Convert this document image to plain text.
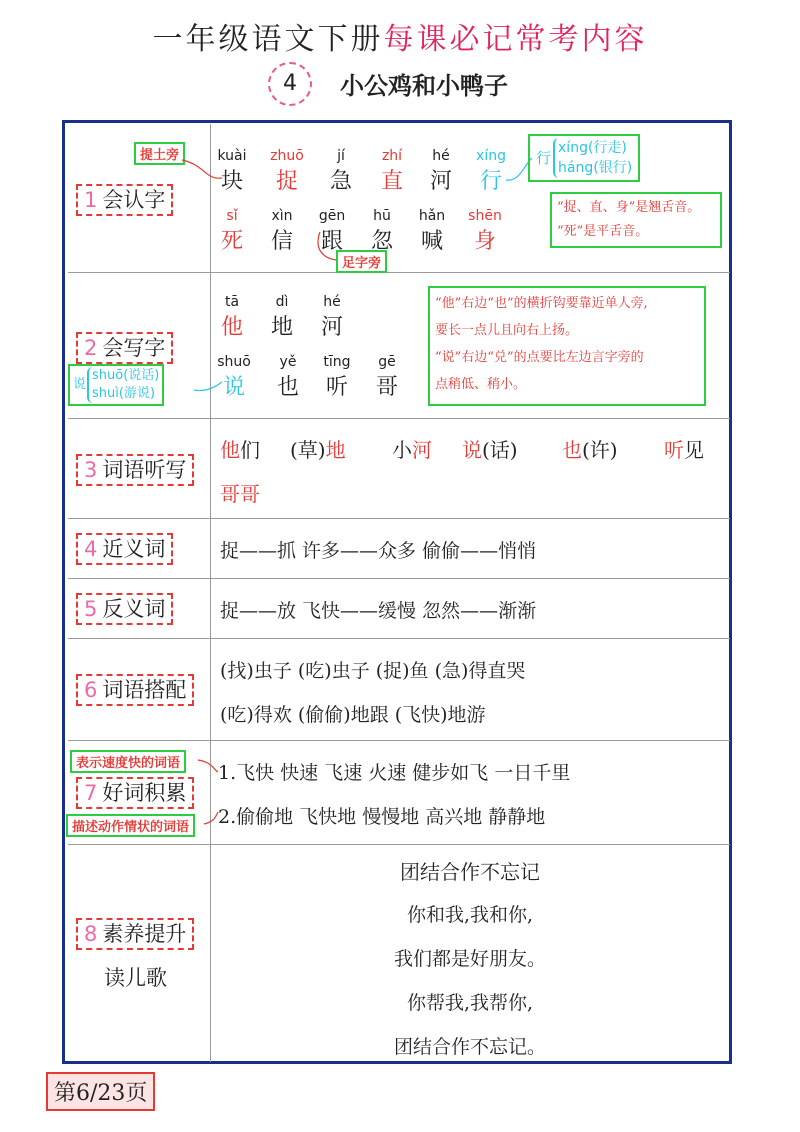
一年级语文下册每课必记常考内容
4	小公鸡和小鸭子
1 会认字
2 会写字
3 词语听写
4 近义词
5 反义词
6 词语搭配
7 好词积累
8 素养提升
读儿歌
提土旁	kuài
块
zhuō
捉
jí
急
zhí
直
hé
河
xíng
行
行
xíng(行走)
háng(银行)
“捉、直、身”是翘舌音。
“死”是平舌音。
sǐ
死
xìn
信
gēn
跟
hū
忽
hǎn
喊
shēn
身
足字旁
tā
他
dì
地
hé
河
shuō
说
yě
也
tīng
听
gē
哥
说
shuō(说话)
shuì(游说)
“他”右边“也”的横折钩要靠近单人旁,
要长一点儿且向右上扬。
“说”右边“兑”的点要比左边言字旁的
点稍低、稍小。
他们 (草)地 小河 说(话) 也(许) 听见
哥哥
捉——抓 许多——众多 偷偷——悄悄
捉——放 飞快——缓慢 忽然——渐渐
(找)虫子 (吃)虫子 (捉)鱼 (急)得直哭
(吃)得欢 (偷偷)地跟 (飞快)地游
表示速度快的词语
描述动作情状的词语
1.飞快 快速 飞速 火速 健步如飞 一日千里
2.偷偷地 飞快地 慢慢地 高兴地 静静地
团结合作不忘记
你和我,我和你,
我们都是好朋友。
你帮我,我帮你,
团结合作不忘记。
第6/23页
